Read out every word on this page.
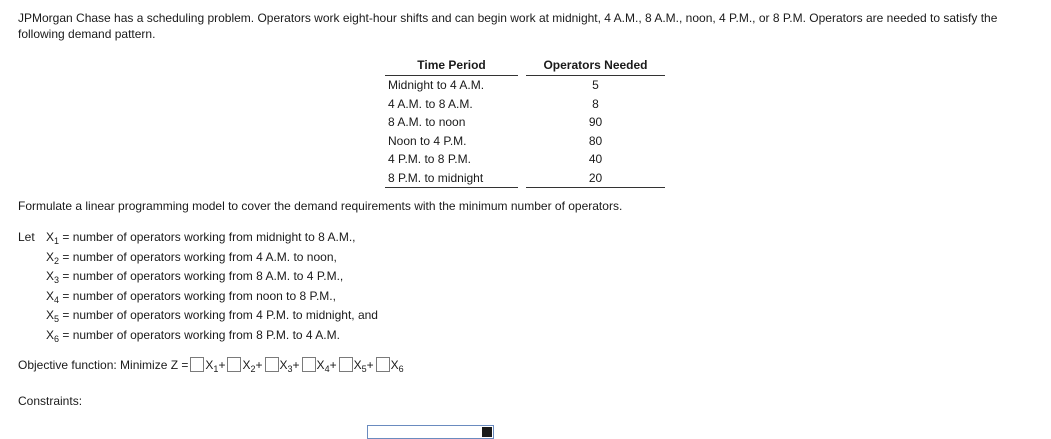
JPMorgan Chase has a scheduling problem. Operators work eight-hour shifts and can begin work at midnight, 4 A.M., 8 A.M., noon, 4 P.M., or 8 P.M. Operators are needed to satisfy the following demand pattern.
Time Period		Operators Needed
Midnight to 4 A.M.		5
4 A.M. to 8 A.M.		8
8 A.M. to noon		90
Noon to 4 P.M.		80
4 P.M. to 8 P.M.		40
8 P.M. to midnight		20
Formulate a linear programming model to cover the demand requirements with the minimum number of operators.
Let $X_1$ = number of operators working from midnight to 8 A.M.,
$X_2$ = number of operators working from 4 A.M. to noon,
$X_3$ = number of operators working from 8 A.M. to 4 P.M.,
$X_4$ = number of operators working from noon to 8 P.M.,
$X_5$ = number of operators working from 4 P.M. to midnight, and
$X_6$ = number of operators working from 8 P.M. to 4 A.M.
Objective function: Minimize $Z = X_1 + X_2 + X_3 + X_4 + X_5 + X_6$
Constraints:
